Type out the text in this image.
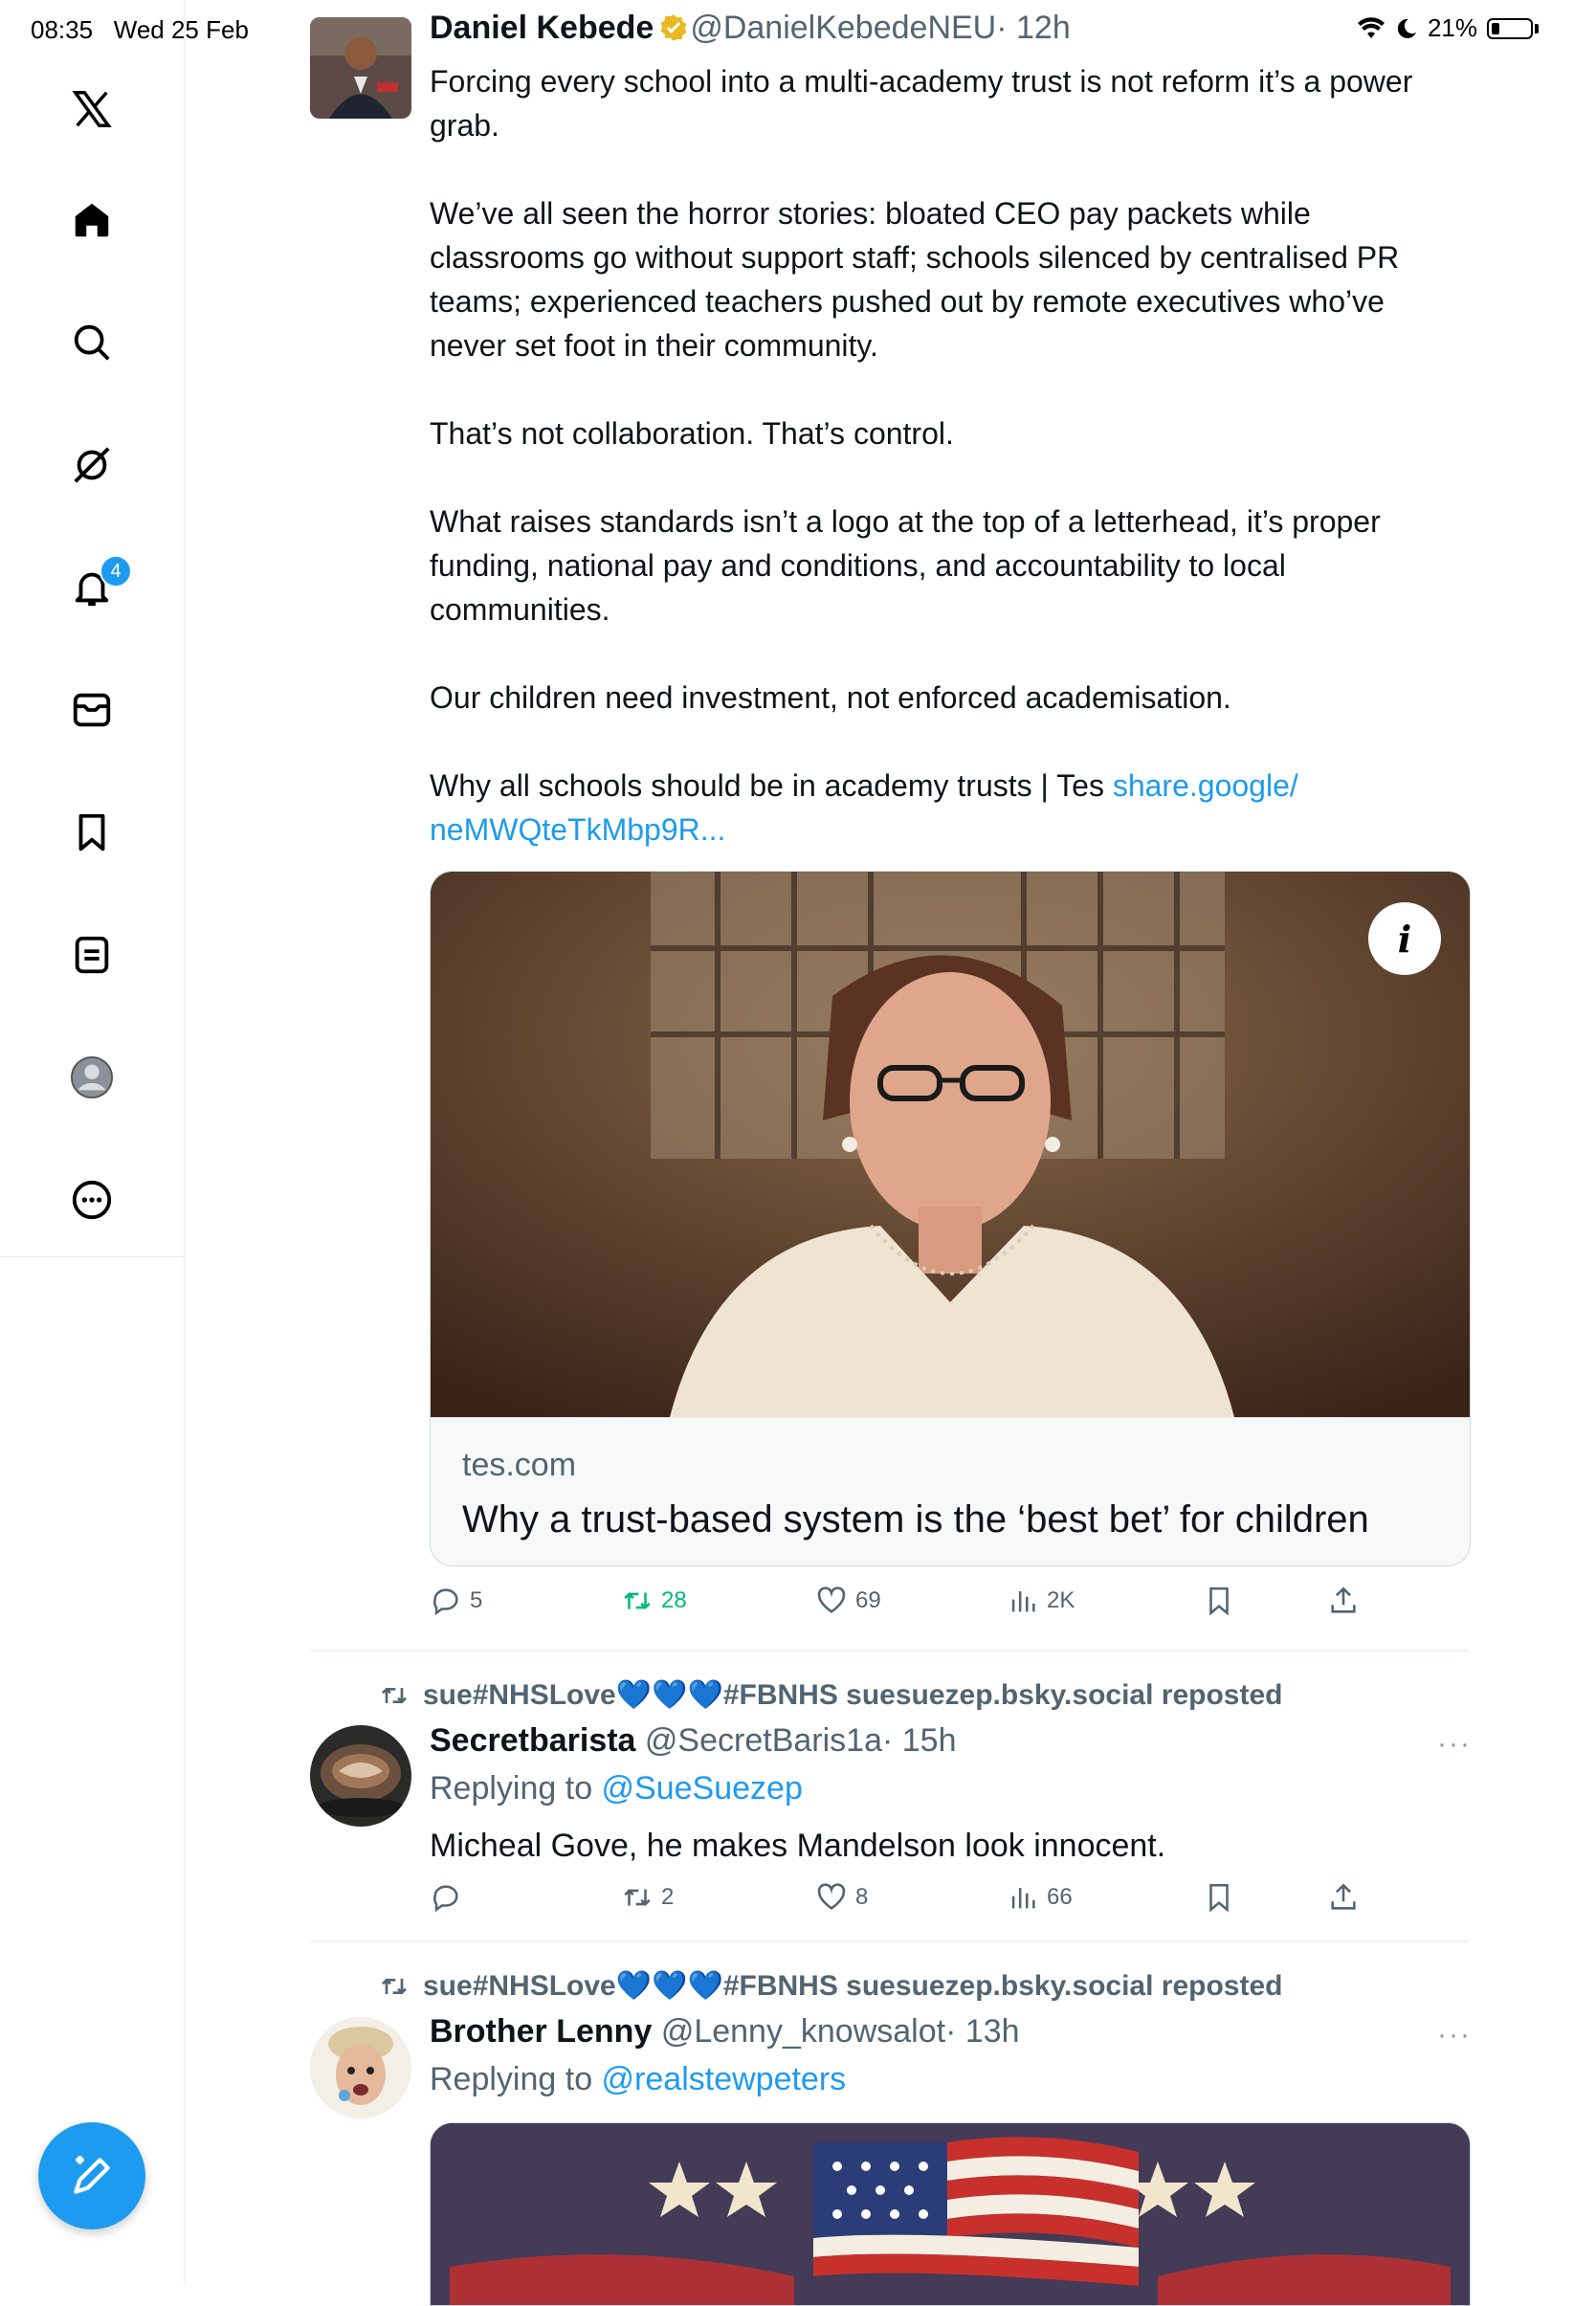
08:35 Wed 25 Feb	21%
4
Daniel Kebede @DanielKebedeNEU· 12h

Forcing every school into a multi-academy trust is not reform it’s a power grab.

We’ve all seen the horror stories: bloated CEO pay packets while classrooms go without support staff; schools silenced by centralised PR teams; experienced teachers pushed out by remote executives who’ve never set foot in their community.

That’s not collaboration. That’s control.

What raises standards isn’t a logo at the top of a letterhead, it’s proper funding, national pay and conditions, and accountability to local communities.

Our children need investment, not enforced academisation.

Why all schools should be in academy trusts | Tes share.google/ neMWQteTkMbp9R...

i
tes.com
Why a trust-based system is the ‘best bet’ for children
5	28	69	2K
sue#NHSLove💙💙💙#FBNHS suesuezep.bsky.social reposted
Secretbarista @SecretBaris1a· 15h	···
Replying to @SueSuezep
Micheal Gove, he makes Mandelson look innocent.
2	8	66
sue#NHSLove💙💙💙#FBNHS suesuezep.bsky.social reposted
Brother Lenny @Lenny_knowsalot· 13h	···
Replying to @realstewpeters
